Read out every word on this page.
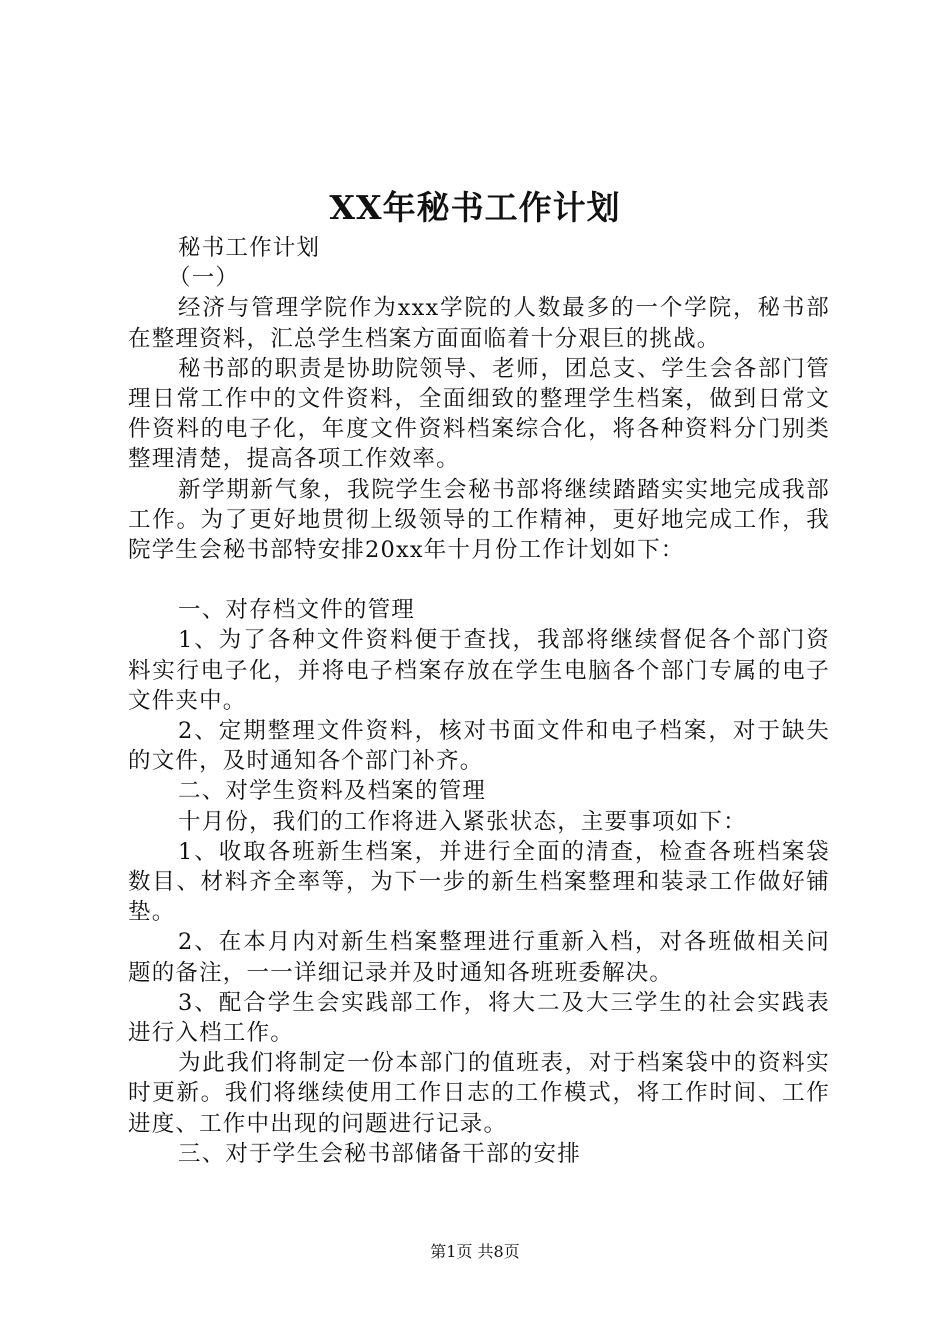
XX年秘书工作计划

秘书工作计划

（一）

经济与管理学院作为xxx学院的人数最多的一个学院，秘书部在整理资料，汇总学生档案方面面临着十分艰巨的挑战。

秘书部的职责是协助院领导、老师，团总支、学生会各部门管理日常工作中的文件资料，全面细致的整理学生档案，做到日常文件资料的电子化，年度文件资料档案综合化，将各种资料分门别类整理清楚，提高各项工作效率。

新学期新气象，我院学生会秘书部将继续踏踏实实地完成我部工作。为了更好地贯彻上级领导的工作精神，更好地完成工作，我院学生会秘书部特安排20xx年十月份工作计划如下：

一、对存档文件的管理

1、为了各种文件资料便于查找，我部将继续督促各个部门资料实行电子化，并将电子档案存放在学生电脑各个部门专属的电子文件夹中。

2、定期整理文件资料，核对书面文件和电子档案，对于缺失的文件，及时通知各个部门补齐。

二、对学生资料及档案的管理

十月份，我们的工作将进入紧张状态，主要事项如下：

1、收取各班新生档案，并进行全面的清查，检查各班档案袋数目、材料齐全率等，为下一步的新生档案整理和装录工作做好铺垫。

2、在本月内对新生档案整理进行重新入档，对各班做相关问题的备注，一一详细记录并及时通知各班班委解决。

3、配合学生会实践部工作，将大二及大三学生的社会实践表进行入档工作。

为此我们将制定一份本部门的值班表，对于档案袋中的资料实时更新。我们将继续使用工作日志的工作模式，将工作时间、工作进度、工作中出现的问题进行记录。

三、对于学生会秘书部储备干部的安排

第1页 共8页
